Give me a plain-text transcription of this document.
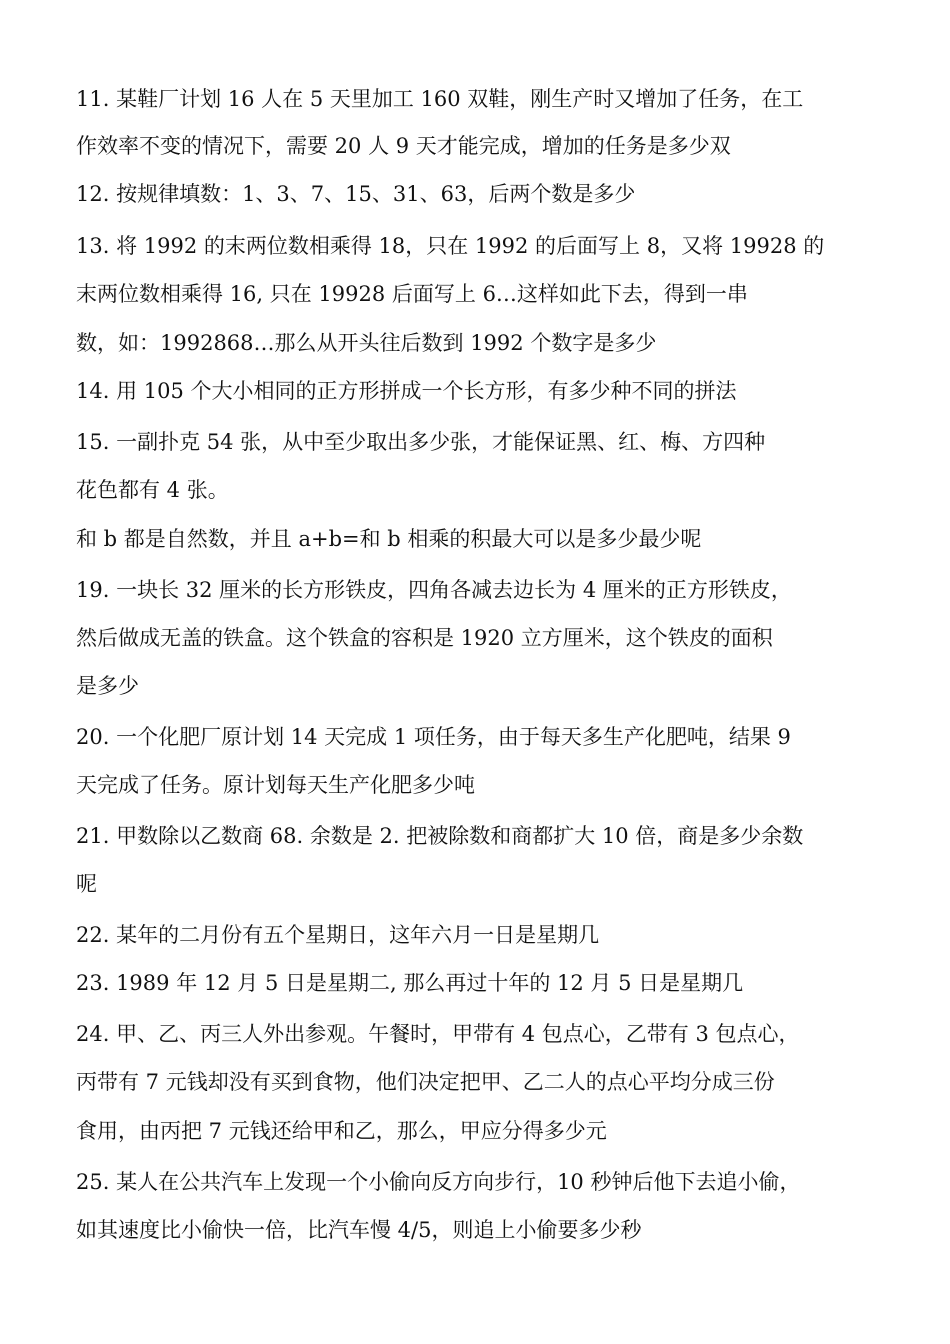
11. 某鞋厂计划 16 人在 5 天里加工 160 双鞋，刚生产时又增加了任务，在工
作效率不变的情况下，需要 20 人 9 天才能完成，增加的任务是多少双
12. 按规律填数：1、3、7、15、31、63，后两个数是多少
13. 将 1992 的末两位数相乘得 18，只在 1992 的后面写上 8，又将 19928 的
末两位数相乘得 16, 只在 19928 后面写上 6…这样如此下去，得到一串
数，如：1992868…那么从开头往后数到 1992 个数字是多少
14. 用 105 个大小相同的正方形拼成一个长方形，有多少种不同的拼法
15. 一副扑克 54 张，从中至少取出多少张，才能保证黑、红、梅、方四种
花色都有 4 张。
和 b 都是自然数，并且 a+b=和 b 相乘的积最大可以是多少最少呢
19. 一块长 32 厘米的长方形铁皮，四角各减去边长为 4 厘米的正方形铁皮，
然后做成无盖的铁盒。这个铁盒的容积是 1920 立方厘米，这个铁皮的面积
是多少
20. 一个化肥厂原计划 14 天完成 1 项任务，由于每天多生产化肥吨，结果 9
天完成了任务。原计划每天生产化肥多少吨
21. 甲数除以乙数商 68. 余数是 2. 把被除数和商都扩大 10 倍，商是多少余数
呢
22. 某年的二月份有五个星期日，这年六月一日是星期几
23. 1989 年 12 月 5 日是星期二, 那么再过十年的 12 月 5 日是星期几
24. 甲、乙、丙三人外出参观。午餐时，甲带有 4 包点心，乙带有 3 包点心，
丙带有 7 元钱却没有买到食物，他们决定把甲、乙二人的点心平均分成三份
食用，由丙把 7 元钱还给甲和乙，那么，甲应分得多少元
25. 某人在公共汽车上发现一个小偷向反方向步行，10 秒钟后他下去追小偷，
如其速度比小偷快一倍，比汽车慢 4/5，则追上小偷要多少秒
